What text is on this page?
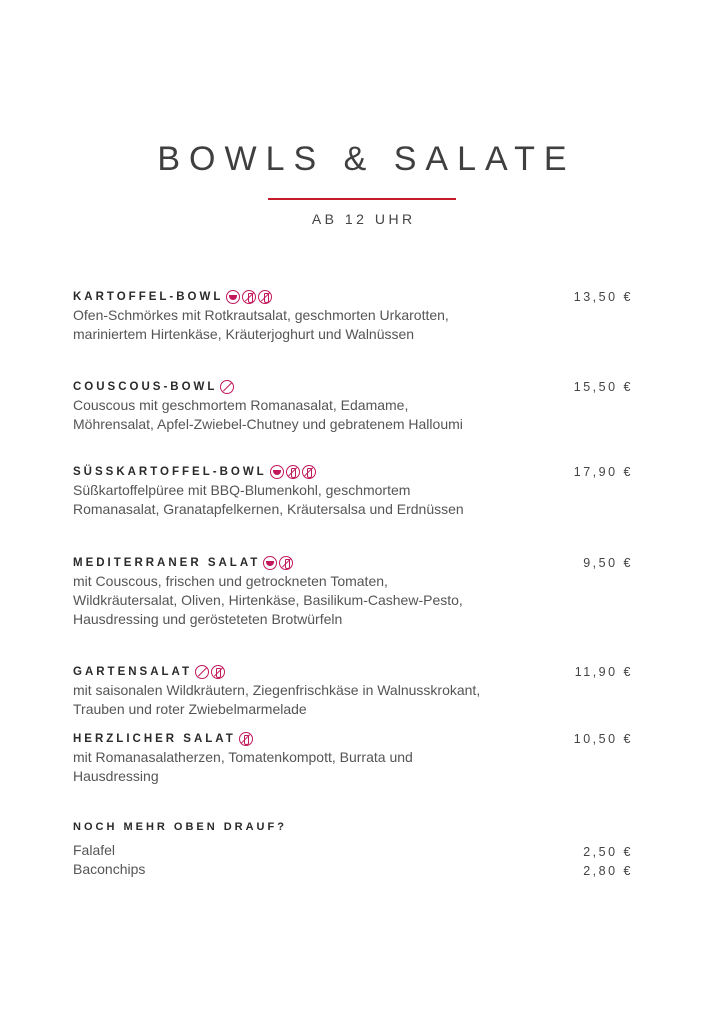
BOWLS & SALATE
AB 12 UHR
KARTOFFEL-BOWL	13,50 €
Ofen-Schmörkes mit Rotkrautsalat, geschmorten Urkarotten, mariniertem Hirtenkäse, Kräuterjoghurt und Walnüssen
COUSCOUS-BOWL	15,50 €
Couscous mit geschmortem Romanasalat, Edamame, Möhrensalat, Apfel-Zwiebel-Chutney und gebratenem Halloumi
SÜSSKARTOFFEL-BOWL	17,90 €
Süßkartoffelpüree mit BBQ-Blumenkohl, geschmortem Romanasalat, Granatapfelkernen, Kräutersalsa und Erdnüssen
MEDITERRANER SALAT	9,50 €
mit Couscous, frischen und getrockneten Tomaten, Wildkräutersalat, Oliven, Hirtenkäse, Basilikum-Cashew-Pesto, Hausdressing und gerösteteten Brotwürfeln
GARTENSALAT	11,90 €
mit saisonalen Wildkräutern, Ziegenfrischkäse in Walnusskrokant, Trauben und roter Zwiebelmarmelade
HERZLICHER SALAT	10,50 €
mit Romanasalatherzen, Tomatenkompott, Burrata und Hausdressing
NOCH MEHR OBEN DRAUF?
Falafel	2,50 €
Baconchips	2,80 €
